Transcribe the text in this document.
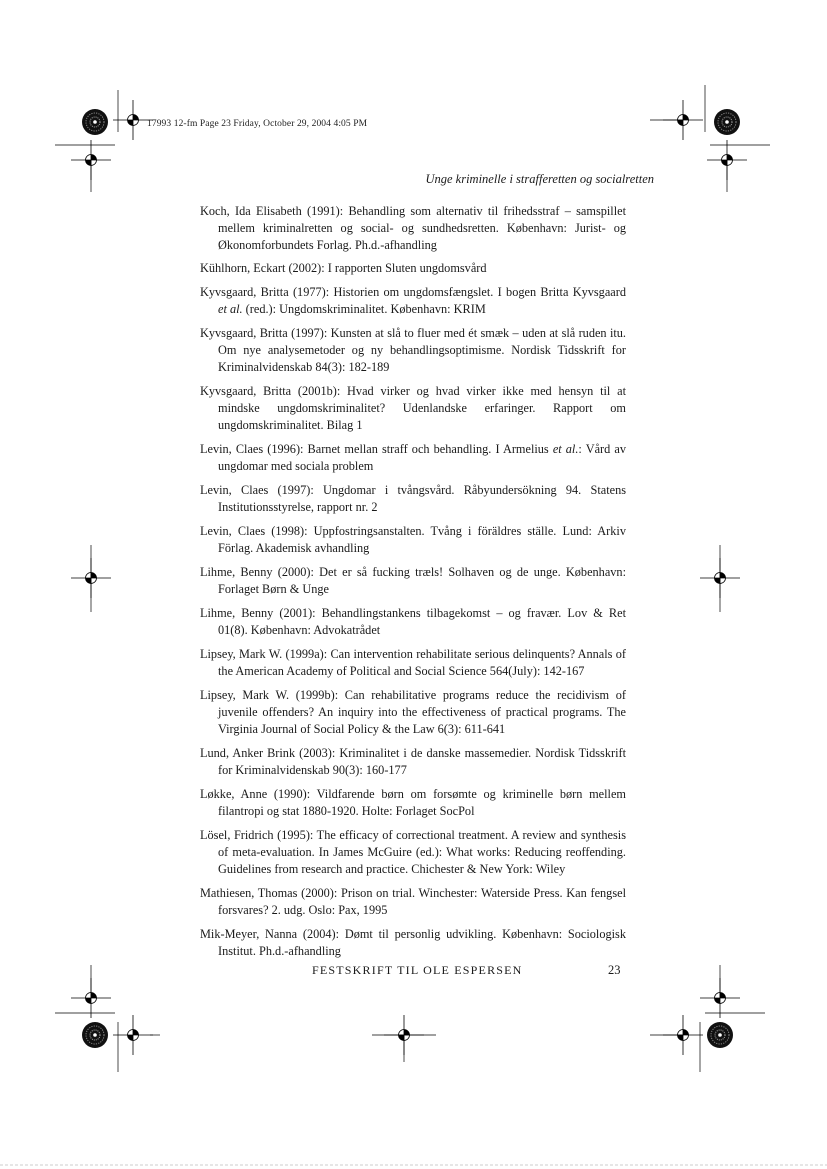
17993 12-fm Page 23 Friday, October 29, 2004 4:05 PM
Unge kriminelle i strafferetten og socialretten
Koch, Ida Elisabeth (1991): Behandling som alternativ til frihedsstraf – samspillet mellem kriminalretten og social- og sundhedsretten. København: Jurist- og Økonomforbundets Forlag. Ph.d.-afhandling
Kühlhorn, Eckart (2002): I rapporten Sluten ungdomsvård
Kyvsgaard, Britta (1977): Historien om ungdomsfængslet. I bogen Britta Kyvsgaard et al. (red.): Ungdomskriminalitet. København: KRIM
Kyvsgaard, Britta (1997): Kunsten at slå to fluer med ét smæk – uden at slå ruden itu. Om nye analysemetoder og ny behandlingsoptimisme. Nordisk Tidsskrift for Kriminalvidenskab 84(3): 182-189
Kyvsgaard, Britta (2001b): Hvad virker og hvad virker ikke med hensyn til at mindske ungdomskriminalitet? Udenlandske erfaringer. Rapport om ungdomskriminalitet. Bilag 1
Levin, Claes (1996): Barnet mellan straff och behandling. I Armelius et al.: Vård av ungdomar med sociala problem
Levin, Claes (1997): Ungdomar i tvångsvård. Råbyundersökning 94. Statens Institutionsstyrelse, rapport nr. 2
Levin, Claes (1998): Uppfostringsanstalten. Tvång i föräldres ställe. Lund: Arkiv Förlag. Akademisk avhandling
Lihme, Benny (2000): Det er så fucking træls! Solhaven og de unge. København: Forlaget Børn & Unge
Lihme, Benny (2001): Behandlingstankens tilbagekomst – og fravær. Lov & Ret 01(8). København: Advokatrådet
Lipsey, Mark W. (1999a): Can intervention rehabilitate serious delinquents? Annals of the American Academy of Political and Social Science 564(July): 142-167
Lipsey, Mark W. (1999b): Can rehabilitative programs reduce the recidivism of juvenile offenders? An inquiry into the effectiveness of practical programs. The Virginia Journal of Social Policy & the Law 6(3): 611-641
Lund, Anker Brink (2003): Kriminalitet i de danske massemedier. Nordisk Tidsskrift for Kriminalvidenskab 90(3): 160-177
Løkke, Anne (1990): Vildfarende børn om forsømte og kriminelle børn mellem filantropi og stat 1880-1920. Holte: Forlaget SocPol
Lösel, Fridrich (1995): The efficacy of correctional treatment. A review and synthesis of meta-evaluation. In James McGuire (ed.): What works: Reducing reoffending. Guidelines from research and practice. Chichester & New York: Wiley
Mathiesen, Thomas (2000): Prison on trial. Winchester: Waterside Press. Kan fengsel forsvares? 2. udg. Oslo: Pax, 1995
Mik-Meyer, Nanna (2004): Dømt til personlig udvikling. København: Sociologisk Institut. Ph.d.-afhandling
FESTSKRIFT TIL OLE ESPERSEN	23
